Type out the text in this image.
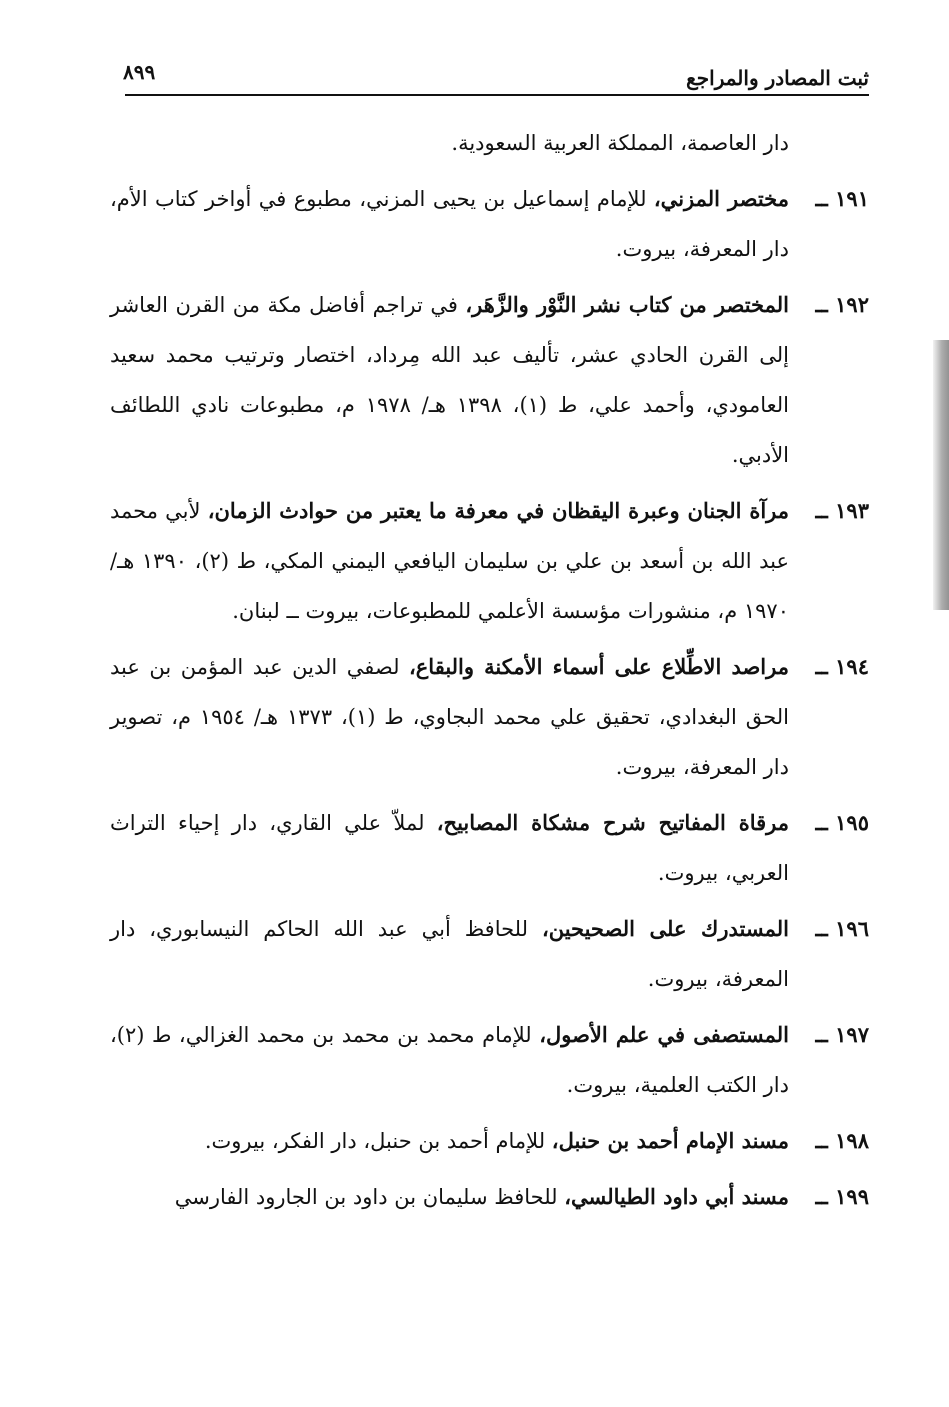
ثبت المصادر والمراجع
٨٩٩
دار العاصمة، المملكة العربية السعودية.
١٩١ ــ
مختصر المزني، للإمام إسماعيل بن يحيى المزني، مطبوع في أواخر كتاب الأم، دار المعرفة، بيروت.
١٩٢ ــ
المختصر من كتاب نشر النَّوْر والزَّهَر، في تراجم أفاضل مكة من القرن العاشر إلى القرن الحادي عشر، تأليف عبد الله مِرداد، اختصار وترتيب محمد سعيد العامودي، وأحمد علي، ط (١)، ١٣٩٨ هـ/ ١٩٧٨ م، مطبوعات نادي اللطائف الأدبي.
١٩٣ ــ
مرآة الجنان وعبرة اليقظان في معرفة ما يعتبر من حوادث الزمان، لأبي محمد عبد الله بن أسعد بن علي بن سليمان اليافعي اليمني المكي، ط (٢)، ١٣٩٠ هـ/ ١٩٧٠ م، منشورات مؤسسة الأعلمي للمطبوعات، بيروت ــ لبنان.
١٩٤ ــ
مراصد الاطِّلاع على أسماء الأمكنة والبقاع، لصفي الدين عبد المؤمن بن عبد الحق البغدادي، تحقيق علي محمد البجاوي، ط (١)، ١٣٧٣ هـ/ ١٩٥٤ م، تصوير دار المعرفة، بيروت.
١٩٥ ــ
مرقاة المفاتيح شرح مشكاة المصابيح، لملاّ علي القاري، دار إحياء التراث العربي، بيروت.
١٩٦ ــ
المستدرك على الصحيحين، للحافظ أبي عبد الله الحاكم النيسابوري، دار المعرفة، بيروت.
١٩٧ ــ
المستصفى في علم الأصول، للإمام محمد بن محمد بن محمد الغزالي، ط (٢)، دار الكتب العلمية، بيروت.
١٩٨ ــ
مسند الإمام أحمد بن حنبل، للإمام أحمد بن حنبل، دار الفكر، بيروت.
١٩٩ ــ
مسند أبي داود الطيالسي، للحافظ سليمان بن داود بن الجارود الفارسي
